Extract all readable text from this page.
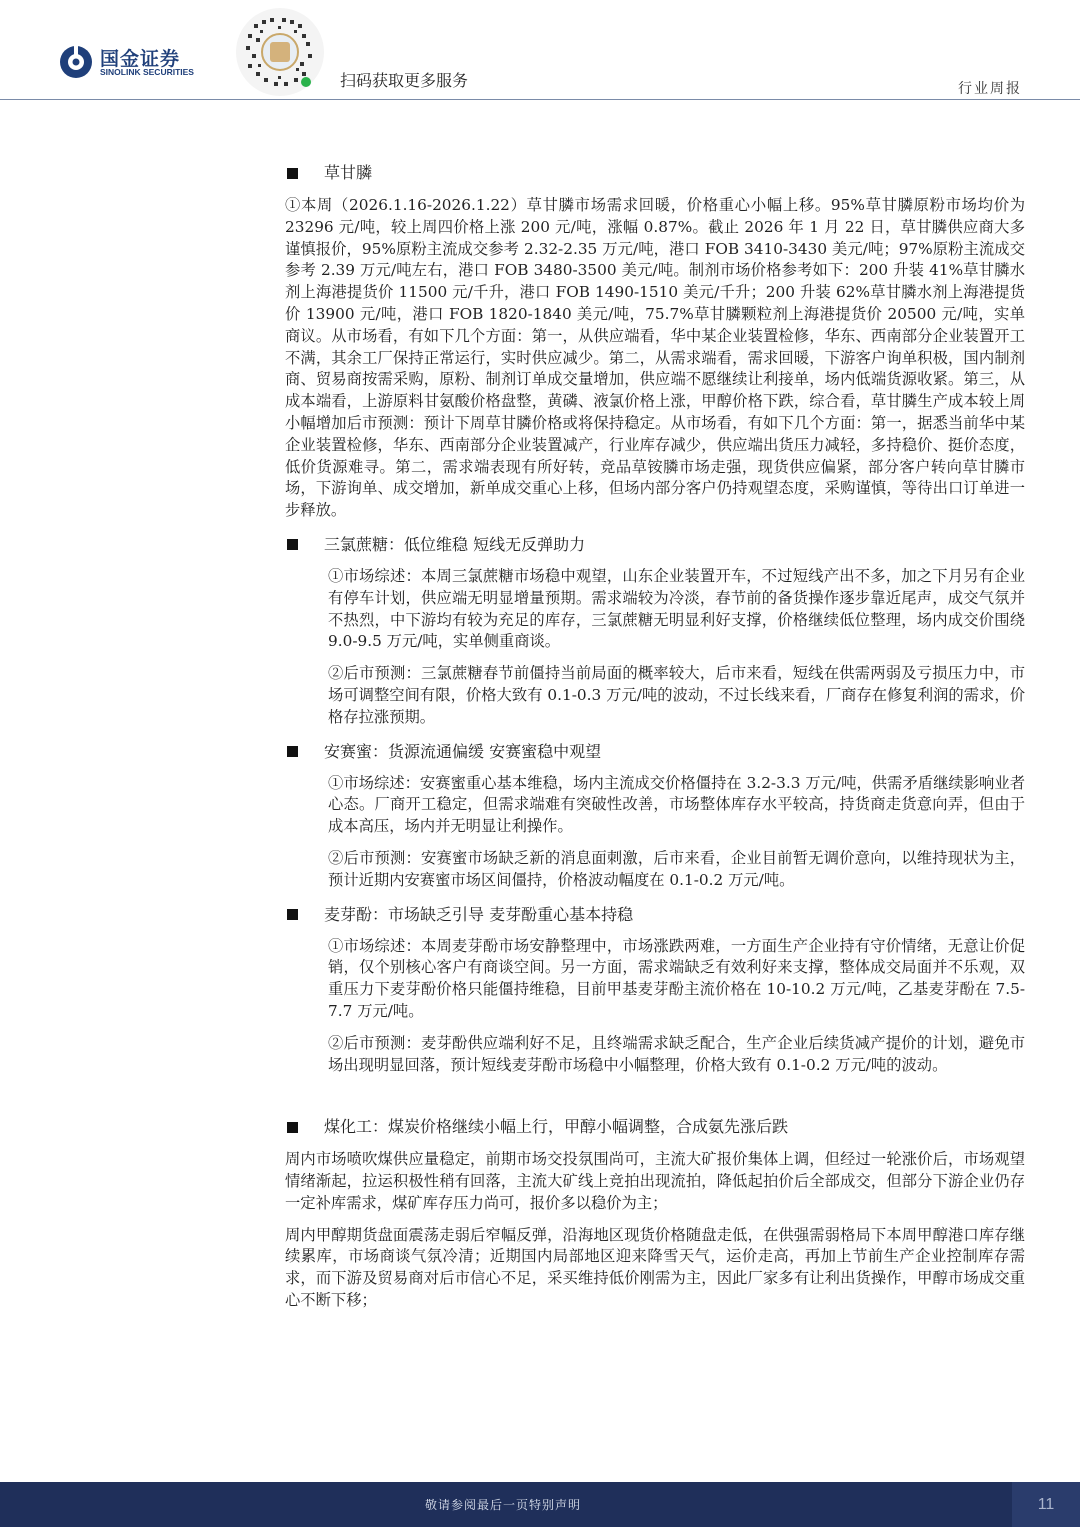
国金证券
SINOLINK SECURITIES	扫码获取更多服务	行业周报
草甘膦

①本周（2026.1.16-2026.1.22）草甘膦市场需求回暖，价格重心小幅上移。95%草甘膦原粉市场均价为 23296 元/吨，较上周四价格上涨 200 元/吨，涨幅 0.87%。截止 2026 年 1 月 22 日，草甘膦供应商大多谨慎报价，95%原粉主流成交参考 2.32-2.35 万元/吨，港口 FOB 3410-3430 美元/吨；97%原粉主流成交参考 2.39 万元/吨左右，港口 FOB 3480-3500 美元/吨。制剂市场价格参考如下：200 升装 41%草甘膦水剂上海港提货价 11500 元/千升，港口 FOB 1490-1510 美元/千升；200 升装 62%草甘膦水剂上海港提货价 13900 元/吨，港口 FOB 1820-1840 美元/吨，75.7%草甘膦颗粒剂上海港提货价 20500 元/吨，实单商议。从市场看，有如下几个方面：第一，从供应端看，华中某企业装置检修，华东、西南部分企业装置开工不满，其余工厂保持正常运行，实时供应减少。第二，从需求端看，需求回暖，下游客户询单积极，国内制剂商、贸易商按需采购，原粉、制剂订单成交量增加，供应端不愿继续让利接单，场内低端货源收紧。第三，从成本端看，上游原料甘氨酸价格盘整，黄磷、液氯价格上涨，甲醇价格下跌，综合看，草甘膦生产成本较上周小幅增加后市预测：预计下周草甘膦价格或将保持稳定。从市场看，有如下几个方面：第一，据悉当前华中某企业装置检修，华东、西南部分企业装置减产，行业库存减少，供应端出货压力减轻，多持稳价、挺价态度，低价货源难寻。第二，需求端表现有所好转，竞品草铵膦市场走强，现货供应偏紧，部分客户转向草甘膦市场，下游询单、成交增加，新单成交重心上移，但场内部分客户仍持观望态度，采购谨慎，等待出口订单进一步释放。

三氯蔗糖：低位维稳 短线无反弹助力

①市场综述：本周三氯蔗糖市场稳中观望，山东企业装置开车，不过短线产出不多，加之下月另有企业有停车计划，供应端无明显增量预期。需求端较为冷淡，春节前的备货操作逐步靠近尾声，成交气氛并不热烈，中下游均有较为充足的库存，三氯蔗糖无明显利好支撑，价格继续低位整理，场内成交价围绕 9.0-9.5 万元/吨，实单侧重商谈。

②后市预测：三氯蔗糖春节前僵持当前局面的概率较大，后市来看，短线在供需两弱及亏损压力中，市场可调整空间有限，价格大致有 0.1-0.3 万元/吨的波动，不过长线来看，厂商存在修复利润的需求，价格存拉涨预期。

安赛蜜：货源流通偏缓 安赛蜜稳中观望

①市场综述：安赛蜜重心基本维稳，场内主流成交价格僵持在 3.2-3.3 万元/吨，供需矛盾继续影响业者心态。厂商开工稳定，但需求端难有突破性改善，市场整体库存水平较高，持货商走货意向弄，但由于成本高压，场内并无明显让利操作。

②后市预测：安赛蜜市场缺乏新的消息面刺激，后市来看，企业目前暂无调价意向，以维持现状为主，预计近期内安赛蜜市场区间僵持，价格波动幅度在 0.1-0.2 万元/吨。

麦芽酚：市场缺乏引导 麦芽酚重心基本持稳

①市场综述：本周麦芽酚市场安静整理中，市场涨跌两难，一方面生产企业持有守价情绪，无意让价促销，仅个别核心客户有商谈空间。另一方面，需求端缺乏有效利好来支撑，整体成交局面并不乐观，双重压力下麦芽酚价格只能僵持维稳，目前甲基麦芽酚主流价格在 10-10.2 万元/吨，乙基麦芽酚在 7.5-7.7 万元/吨。

②后市预测：麦芽酚供应端利好不足，且终端需求缺乏配合，生产企业后续货减产提价的计划，避免市场出现明显回落，预计短线麦芽酚市场稳中小幅整理，价格大致有 0.1-0.2 万元/吨的波动。

煤化工：煤炭价格继续小幅上行，甲醇小幅调整，合成氨先涨后跌

周内市场喷吹煤供应量稳定，前期市场交投氛围尚可，主流大矿报价集体上调，但经过一轮涨价后，市场观望情绪渐起，拉运积极性稍有回落，主流大矿线上竞拍出现流拍，降低起拍价后全部成交，但部分下游企业仍存一定补库需求，煤矿库存压力尚可，报价多以稳价为主；

周内甲醇期货盘面震荡走弱后窄幅反弹，沿海地区现货价格随盘走低，在供强需弱格局下本周甲醇港口库存继续累库，市场商谈气氛冷清；近期国内局部地区迎来降雪天气，运价走高，再加上节前生产企业控制库存需求，而下游及贸易商对后市信心不足，采买维持低价刚需为主，因此厂家多有让利出货操作，甲醇市场成交重心不断下移；

敬请参阅最后一页特别声明	11
